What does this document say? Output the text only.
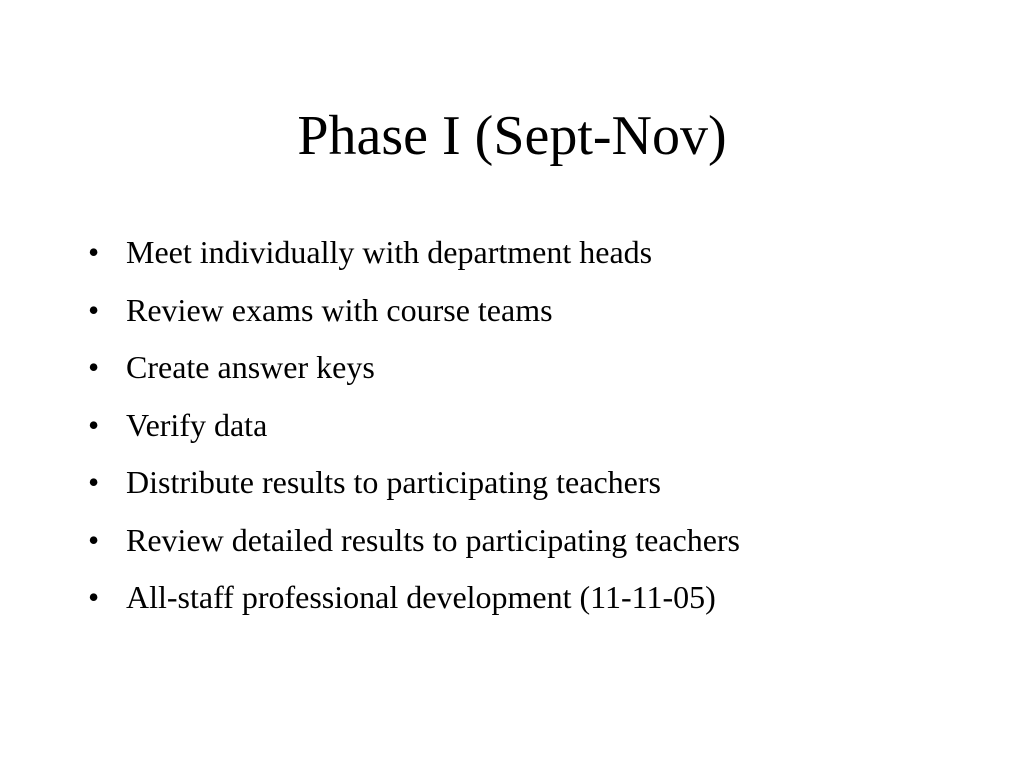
Phase I (Sept-Nov)
• Meet individually with department heads
• Review exams with course teams
• Create answer keys
• Verify data
• Distribute results to participating teachers
• Review detailed results to participating teachers
• All-staff professional development (11-11-05)
